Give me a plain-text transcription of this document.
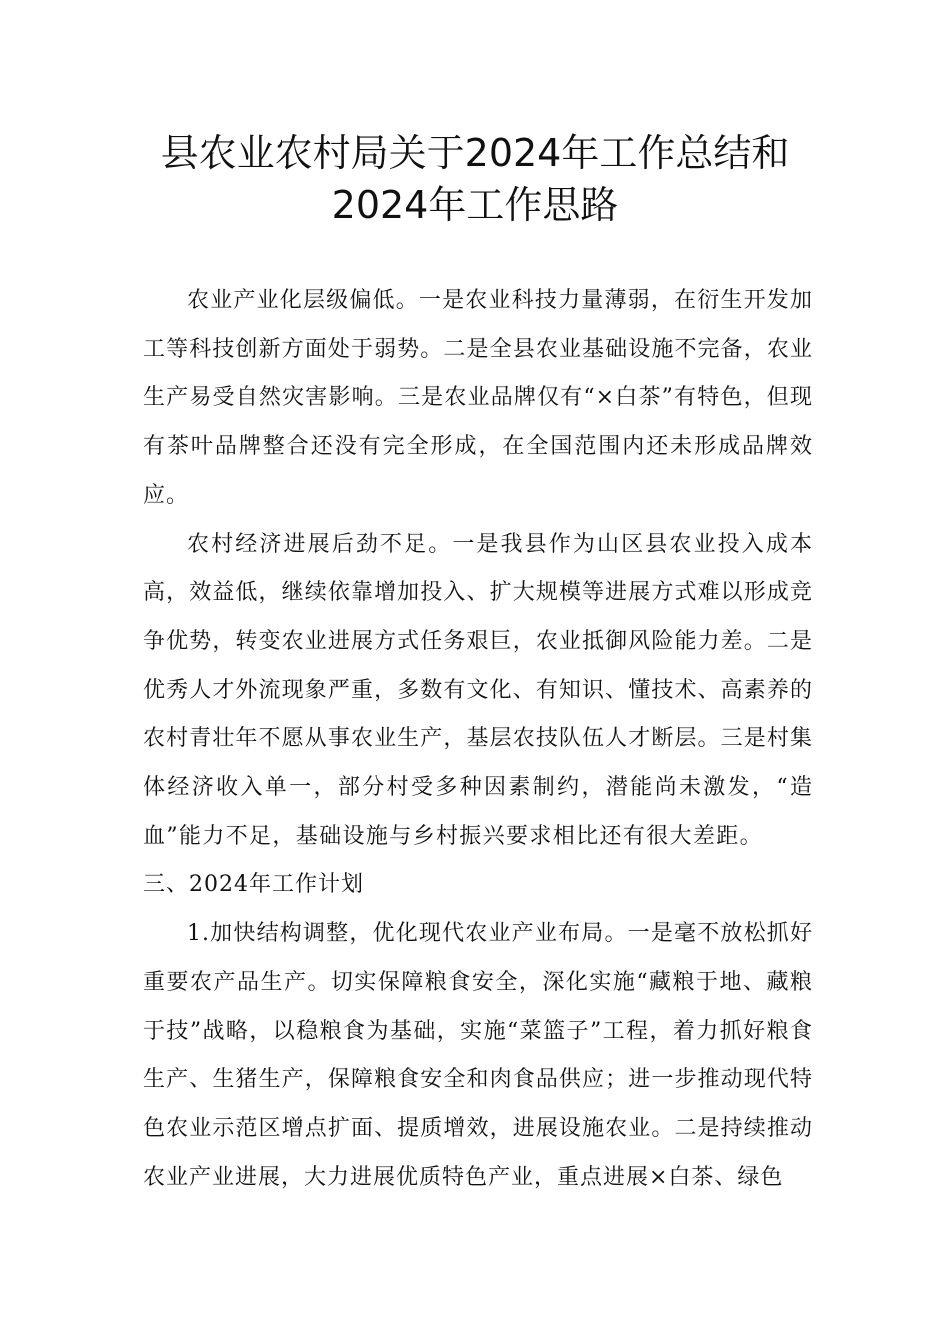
县农业农村局关于2024年工作总结和
2024年工作思路

农业产业化层级偏低。一是农业科技力量薄弱，在衍生开发加工等科技创新方面处于弱势。二是全县农业基础设施不完备，农业生产易受自然灾害影响。三是农业品牌仅有“×白茶”有特色，但现有茶叶品牌整合还没有完全形成，在全国范围内还未形成品牌效应。

农村经济进展后劲不足。一是我县作为山区县农业投入成本高，效益低，继续依靠增加投入、扩大规模等进展方式难以形成竞争优势，转变农业进展方式任务艰巨，农业抵御风险能力差。二是优秀人才外流现象严重，多数有文化、有知识、懂技术、高素养的农村青壮年不愿从事农业生产，基层农技队伍人才断层。三是村集体经济收入单一，部分村受多种因素制约，潜能尚未激发，“造血”能力不足，基础设施与乡村振兴要求相比还有很大差距。三、2024年工作计划

1.加快结构调整，优化现代农业产业布局。一是毫不放松抓好重要农产品生产。切实保障粮食安全，深化实施“藏粮于地、藏粮于技”战略，以稳粮食为基础，实施“菜篮子”工程，着力抓好粮食生产、生猪生产，保障粮食安全和肉食品供应；进一步推动现代特色农业示范区增点扩面、提质增效，进展设施农业。二是持续推动农业产业进展，大力进展优质特色产业，重点进展×白茶、绿色
